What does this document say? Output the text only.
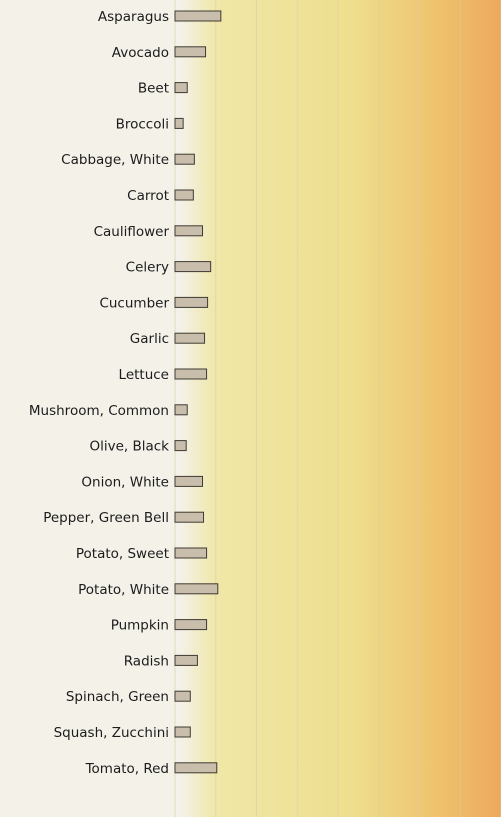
Asparagus
Avocado
Beet
Broccoli
Cabbage, White
Carrot
Cauliflower
Celery
Cucumber
Garlic
Lettuce
Mushroom, Common
Olive, Black
Onion, White
Pepper, Green Bell
Potato, Sweet
Potato, White
Pumpkin
Radish
Spinach, Green
Squash, Zucchini
Tomato, Red
